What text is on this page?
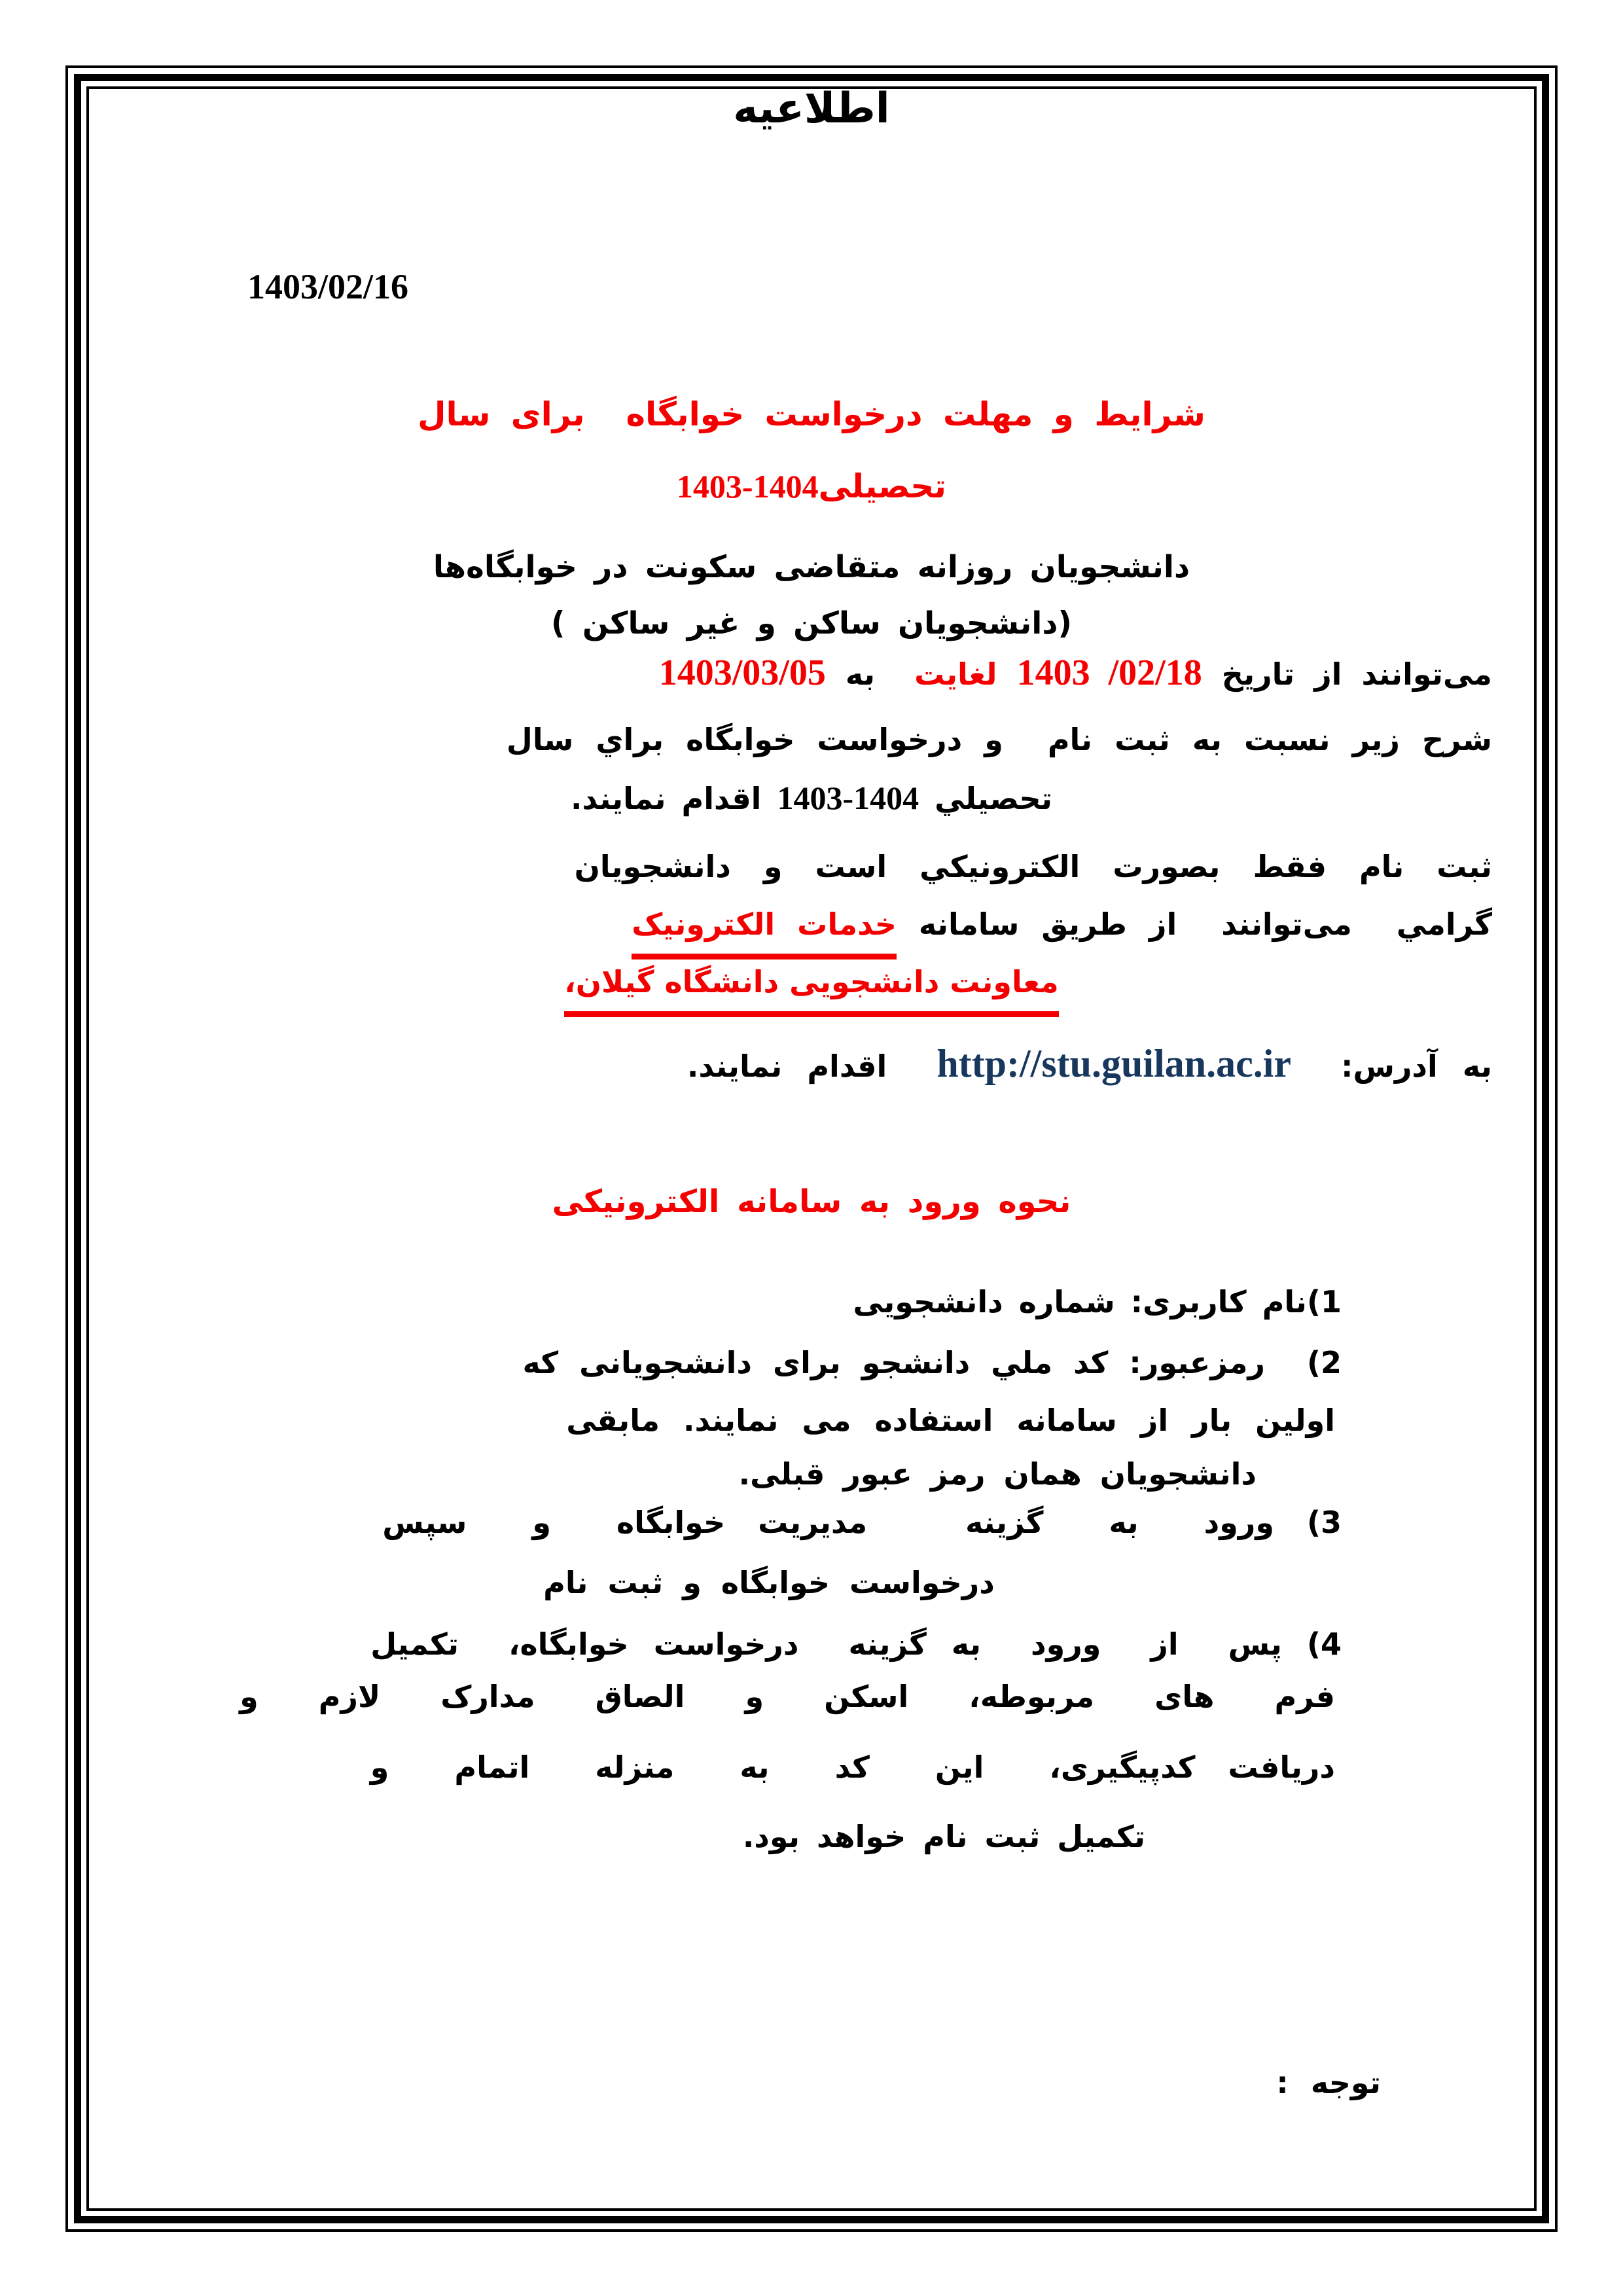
اطلاعیه
1403/02/16
شرایط و مهلت درخواست خوابگاه  برای سال
تحصیلی1403-1404
دانشجویان روزانه متقاضی سکونت در خوابگاه‌ها
(دانشجویان ساکن و غیر ساکن )
می‌توانند از تاریخ 1403 /02/18 لغایت  به 1403/03/05
شرح زیر نسبت به ثبت نام  و درخواست خوابگاه براي سال
تحصيلي 1403-1404 اقدام نمایند.
ثبت نام فقط بصورت الکترونيکي است و دانشجویان
گرامي  می‌توانند  از طریق سامانه خدمات الکترونیک
معاونت دانشجویی دانشگاه گیلان،
به آدرس:  http://stu.guilan.ac.ir  اقدام نمایند.
نحوه ورود به سامانه الکترونیکی
1)نام کاربری: شماره دانشجویی
2)  رمزعبور: کد ملي دانشجو برای دانشجویانی که
اولین بار از سامانه استفاده می نمایند. مابقی
دانشجویان همان رمز عبور قبلی.
3) ورود  به  گزینه   مدیریت خوابگاه  و  سپس
درخواست خوابگاه و ثبت نام
4) پس  از  ورود  به گزینه  درخواست خوابگاه،  تکمیل
فرم  های  مربوطه،  اسکن  و  الصاق  مدارک  لازم  و
دریافت کدپیگیری،  این  کد  به  منزله  اتمام  و
تکمیل ثبت نام خواهد بود.
توجه :
